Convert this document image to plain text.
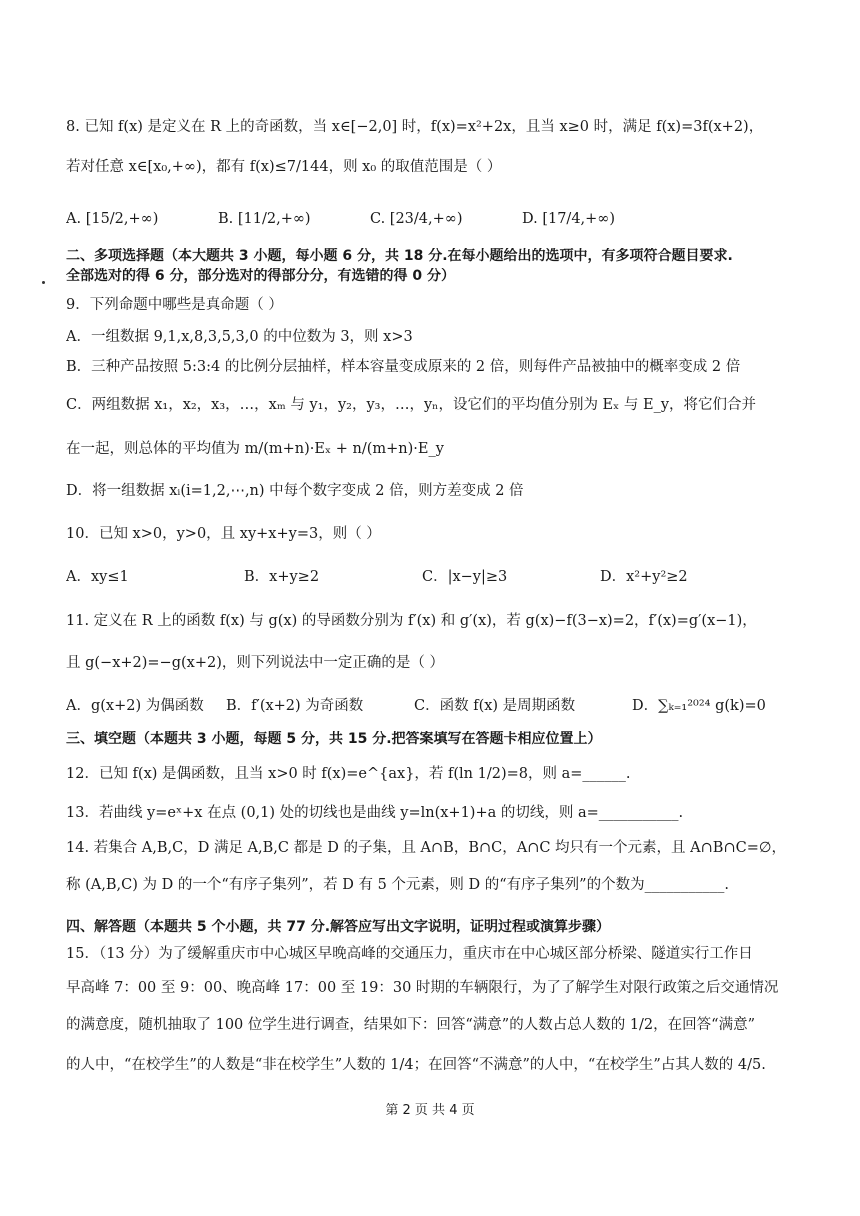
8. 已知 f(x) 是定义在 R 上的奇函数，当 x∈[−2,0] 时，f(x)=x²+2x，且当 x≥0 时，满足 f(x)=3f(x+2)，
若对任意 x∈[x₀,+∞)，都有 f(x)≤7/144，则 x₀ 的取值范围是（ ）
A. [15/2,+∞)	B. [11/2,+∞)	C. [23/4,+∞)	D. [17/4,+∞)
二、多项选择题（本大题共 3 小题，每小题 6 分，共 18 分.在每小题给出的选项中，有多项符合题目要求.
全部选对的得 6 分，部分选对的得部分分，有选错的得 0 分）
9．下列命题中哪些是真命题（ ）
A．一组数据 9,1,x,8,3,5,3,0 的中位数为 3，则 x>3
B．三种产品按照 5:3:4 的比例分层抽样，样本容量变成原来的 2 倍，则每件产品被抽中的概率变成 2 倍
C．两组数据 x₁，x₂，x₃，…，xₘ 与 y₁，y₂，y₃，…，yₙ，设它们的平均值分别为 Eₓ 与 E_y，将它们合并
在一起，则总体的平均值为 m/(m+n)·Eₓ + n/(m+n)·E_y
D．将一组数据 xᵢ(i=1,2,⋯,n) 中每个数字变成 2 倍，则方差变成 2 倍
10．已知 x>0，y>0，且 xy+x+y=3，则（ ）
A．xy≤1	B．x+y≥2	C．|x−y|≥3	D．x²+y²≥2
11. 定义在 R 上的函数 f(x) 与 g(x) 的导函数分别为 f′(x) 和 g′(x)，若 g(x)−f(3−x)=2，f′(x)=g′(x−1)，
且 g(−x+2)=−g(x+2)，则下列说法中一定正确的是（ ）
A．g(x+2) 为偶函数	B．f′(x+2) 为奇函数	C．函数 f(x) 是周期函数	D．∑ₖ₌₁²⁰²⁴ g(k)=0
三、填空题（本题共 3 小题，每题 5 分，共 15 分.把答案填写在答题卡相应位置上）
12．已知 f(x) 是偶函数，且当 x>0 时 f(x)=e^{ax}，若 f(ln 1/2)=8，则 a=______.
13．若曲线 y=eˣ+x 在点 (0,1) 处的切线也是曲线 y=ln(x+1)+a 的切线，则 a=___________.
14. 若集合 A,B,C，D 满足 A,B,C 都是 D 的子集，且 A∩B，B∩C，A∩C 均只有一个元素，且 A∩B∩C=∅，
称 (A,B,C) 为 D 的一个“有序子集列”，若 D 有 5 个元素，则 D 的“有序子集列”的个数为___________.
四、解答题（本题共 5 个小题，共 77 分.解答应写出文字说明，证明过程或演算步骤）
15．（13 分）为了缓解重庆市中心城区早晚高峰的交通压力，重庆市在中心城区部分桥梁、隧道实行工作日
早高峰 7：00 至 9：00、晚高峰 17：00 至 19：30 时期的车辆限行，为了了解学生对限行政策之后交通情况
的满意度，随机抽取了 100 位学生进行调查，结果如下：回答“满意”的人数占总人数的 1/2，在回答“满意”
的人中，“在校学生”的人数是“非在校学生”人数的 1/4；在回答“不满意”的人中，“在校学生”占其人数的 4/5.
第 2 页 共 4 页
